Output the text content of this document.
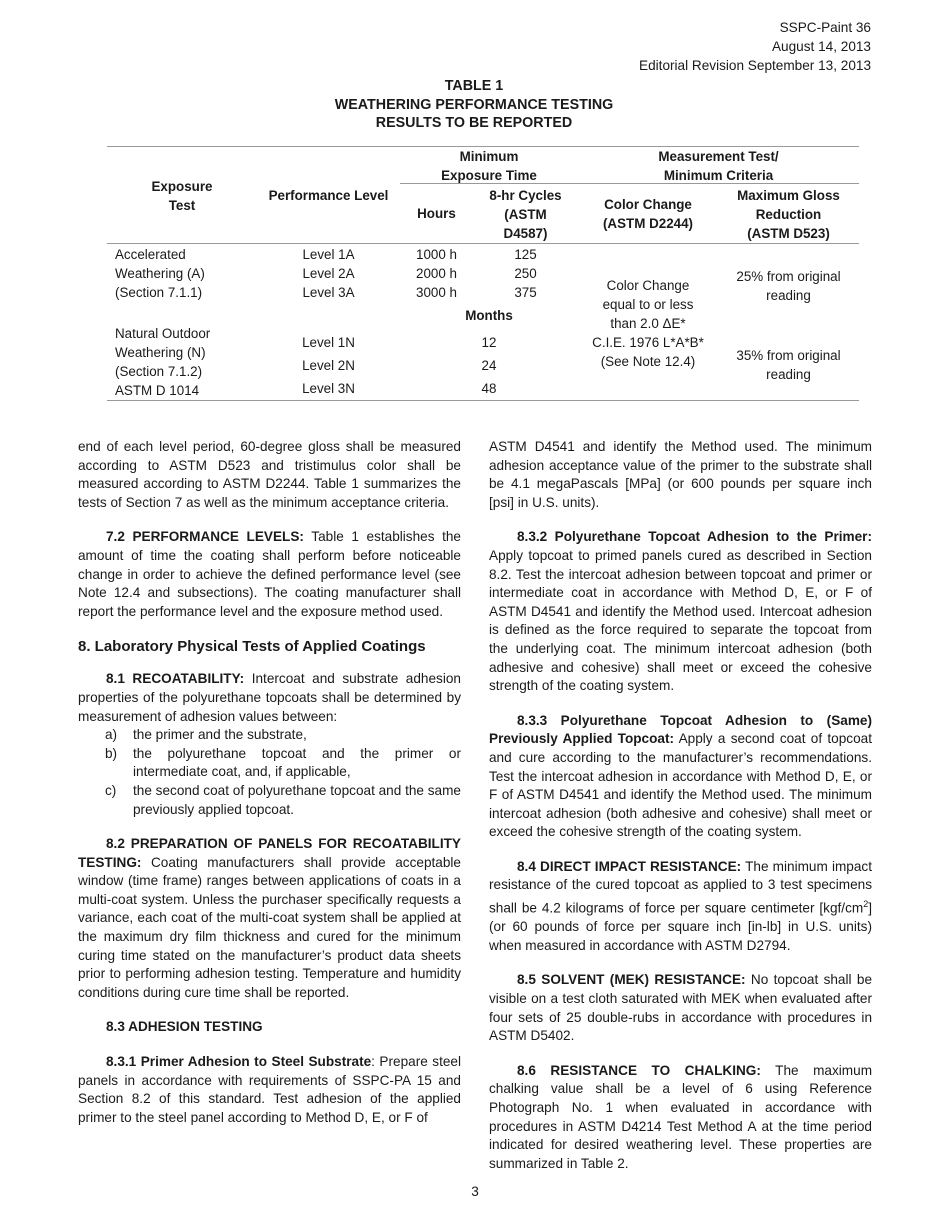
SSPC-Paint 36
August 14, 2013
Editorial Revision September 13, 2013
TABLE 1
WEATHERING PERFORMANCE TESTING
RESULTS TO BE REPORTED
Exposure
Test
Performance Level
Minimum
Exposure Time
Measurement Test/
Minimum Criteria
Hours
8-hr Cycles
(ASTM
D4587)
Color Change
(ASTM D2244)
Maximum Gloss
Reduction
(ASTM D523)
Accelerated
Weathering (A)
(Section 7.1.1)
Level 1A
Level 2A
Level 3A
1000 h
2000 h
3000 h
125
250
375
Months
Natural Outdoor
Weathering (N)
(Section 7.1.2)
ASTM D 1014
Level 1N
Level 2N
Level 3N
12
24
48
Color Change
equal to or less
than 2.0 ΔE*
C.I.E. 1976 L*A*B*
(See Note 12.4)
25% from original
reading
35% from original
reading

end of each level period, 60-degree gloss shall be measured according to ASTM D523 and tristimulus color shall be measured according to ASTM D2244. Table 1 summarizes the tests of Section 7 as well as the minimum acceptance criteria.

7.2 PERFORMANCE LEVELS: Table 1 establishes the amount of time the coating shall perform before noticeable change in order to achieve the defined performance level (see Note 12.4 and subsections). The coating manufacturer shall report the performance level and the exposure method used.

8. Laboratory Physical Tests of Applied Coatings

8.1 RECOATABILITY: Intercoat and substrate adhesion properties of the polyurethane topcoats shall be determined by measurement of adhesion values between:

a) the primer and the substrate,
b) the polyurethane topcoat and the primer or intermediate coat, and, if applicable,
c) the second coat of polyurethane topcoat and the same previously applied topcoat.

8.2 PREPARATION OF PANELS FOR RECOATABILITY TESTING: Coating manufacturers shall provide acceptable window (time frame) ranges between applications of coats in a multi-coat system. Unless the purchaser specifically requests a variance, each coat of the multi-coat system shall be applied at the maximum dry film thickness and cured for the minimum curing time stated on the manufacturer’s product data sheets prior to performing adhesion testing. Temperature and humidity conditions during cure time shall be reported.

8.3 ADHESION TESTING

8.3.1 Primer Adhesion to Steel Substrate: Prepare steel panels in accordance with requirements of SSPC-PA 15 and Section 8.2 of this standard. Test adhesion of the applied primer to the steel panel according to Method D, E, or F of

ASTM D4541 and identify the Method used. The minimum adhesion acceptance value of the primer to the substrate shall be 4.1 megaPascals [MPa] (or 600 pounds per square inch [psi] in U.S. units).

8.3.2 Polyurethane Topcoat Adhesion to the Primer: Apply topcoat to primed panels cured as described in Section 8.2. Test the intercoat adhesion between topcoat and primer or intermediate coat in accordance with Method D, E, or F of ASTM D4541 and identify the Method used. Intercoat adhesion is defined as the force required to separate the topcoat from the underlying coat. The minimum intercoat adhesion (both adhesive and cohesive) shall meet or exceed the cohesive strength of the coating system.

8.3.3 Polyurethane Topcoat Adhesion to (Same) Previously Applied Topcoat: Apply a second coat of topcoat and cure according to the manufacturer’s recommendations. Test the intercoat adhesion in accordance with Method D, E, or F of ASTM D4541 and identify the Method used. The minimum intercoat adhesion (both adhesive and cohesive) shall meet or exceed the cohesive strength of the coating system.

8.4 DIRECT IMPACT RESISTANCE: The minimum impact resistance of the cured topcoat as applied to 3 test specimens shall be 4.2 kilograms of force per square centimeter $[kgf/cm^2]$ (or 60 pounds of force per square inch [in-lb] in U.S. units) when measured in accordance with ASTM D2794.

8.5 SOLVENT (MEK) RESISTANCE: No topcoat shall be visible on a test cloth saturated with MEK when evaluated after four sets of 25 double-rubs in accordance with procedures in ASTM D5402.

8.6 RESISTANCE TO CHALKING: The maximum chalking value shall be a level of 6 using Reference Photograph No. 1 when evaluated in accordance with procedures in ASTM D4214 Test Method A at the time period indicated for desired weathering level. These properties are summarized in Table 2.

3
